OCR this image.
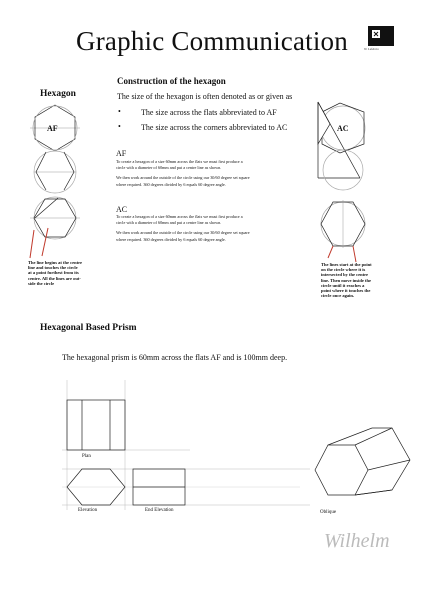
Graphic Communication	W. Lefebvre
Construction of the hexagon
Hexagon	The size of the hexagon is often denoted as or given as
•	The size across the flats abbreviated to AF
•	The size across the corners abbreviated to AC
AF
To create a hexagon of a size 60mm across the flats we must first produce a
circle with a diameter of 60mm and put a centre line as shown.
We then work around the outside of the circle using our 30/60 degree set square
where required. 360 degrees divided by 6 equals 60 degree angle.
AC
To create a hexagon of a size 60mm across the flats we must first produce a
circle with a diameter of 60mm and put a centre line as shown.
We then work around the outside of the circle using our 30/60 degree set square
where required. 360 degrees divided by 6 equals 60 degree angle.
The line begins at the centre
line and touches the circle
at a point furthest from its
centre. All the lines are out-
side the circle
The lines start at the point
on the circle where it is
intersected by the centre
line. Then move inside the
circle until it reaches a
point where it touches the
circle once again.
Hexagonal Based Prism
The hexagonal prism is 60mm across the flats AF and is 100mm deep.
Plan
Elevation	End Elevation	Oblique
AF	AC
Wilhelm
